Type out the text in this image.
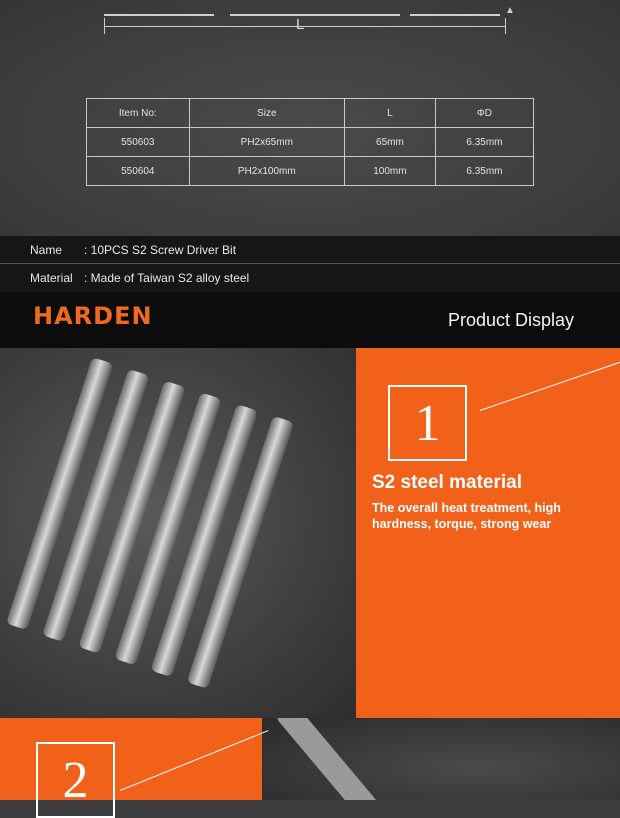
▲
L
Item No:	Size	L	ΦD
550603	PH2x65mm	65mm	6.35mm
550604	PH2x100mm	100mm	6.35mm
Name : 10PCS S2 Screw Driver Bit
Material : Made of Taiwan S2 alloy steel
HARDEN	Product Display
1
S2 steel material
The overall heat treatment, high hardness, torque, strong wear
2
